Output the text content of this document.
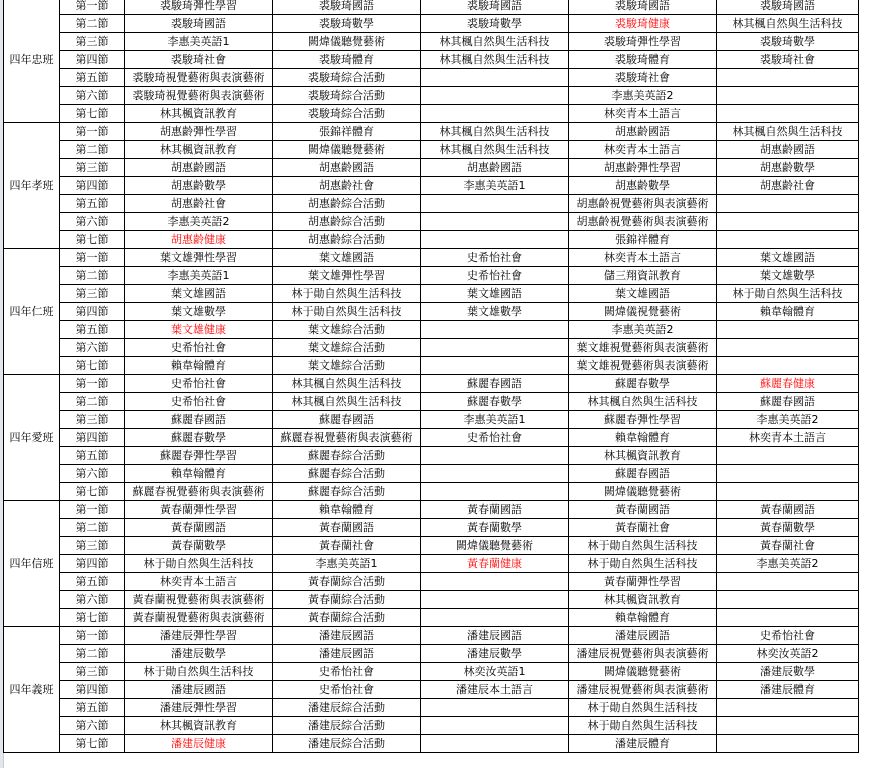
四年忠班	第一節	裘駿琦彈性學習	裘駿琦國語	裘駿琦國語	裘駿琦國語	裘駿琦國語
	第二節	裘駿琦國語	裘駿琦數學	裘駿琦數學	裘駿琦健康	林其楓自然與生活科技
	第三節	李惠美英語1	闕煒儀聽覺藝術	林其楓自然與生活科技	裘駿琦彈性學習	裘駿琦數學
	第四節	裘駿琦社會	裘駿琦體育	林其楓自然與生活科技	裘駿琦體育	裘駿琦社會
	第五節	裘駿琦視覺藝術與表演藝術	裘駿琦綜合活動		裘駿琦社會	
	第六節	裘駿琦視覺藝術與表演藝術	裘駿琦綜合活動		李惠美英語2	
	第七節	林其楓資訊教育	裘駿琦綜合活動		林奕青本土語言	
四年孝班	第一節	胡惠齡彈性學習	張錦祥體育	林其楓自然與生活科技	胡惠齡國語	林其楓自然與生活科技
	第二節	林其楓資訊教育	闕煒儀聽覺藝術	林其楓自然與生活科技	林奕青本土語言	胡惠齡國語
	第三節	胡惠齡國語	胡惠齡國語	胡惠齡國語	胡惠齡彈性學習	胡惠齡數學
	第四節	胡惠齡數學	胡惠齡社會	李惠美英語1	胡惠齡數學	胡惠齡社會
	第五節	胡惠齡社會	胡惠齡綜合活動		胡惠齡視覺藝術與表演藝術	
	第六節	李惠美英語2	胡惠齡綜合活動		胡惠齡視覺藝術與表演藝術	
	第七節	胡惠齡健康	胡惠齡綜合活動		張錦祥體育	
四年仁班	第一節	葉文雄彈性學習	葉文雄國語	史希怡社會	林奕青本土語言	葉文雄國語
	第二節	李惠美英語1	葉文雄彈性學習	史希怡社會	儲三翔資訊教育	葉文雄數學
	第三節	葉文雄國語	林于勛自然與生活科技	葉文雄國語	葉文雄國語	林于勛自然與生活科技
	第四節	葉文雄數學	林于勛自然與生活科技	葉文雄數學	闕煒儀視覺藝術	賴韋翰體育
	第五節	葉文雄健康	葉文雄綜合活動		李惠美英語2	
	第六節	史希怡社會	葉文雄綜合活動		葉文雄視覺藝術與表演藝術	
	第七節	賴韋翰體育	葉文雄綜合活動		葉文雄視覺藝術與表演藝術	
四年愛班	第一節	史希怡社會	林其楓自然與生活科技	蘇麗春國語	蘇麗春數學	蘇麗春健康
	第二節	史希怡社會	林其楓自然與生活科技	蘇麗春數學	林其楓自然與生活科技	蘇麗春國語
	第三節	蘇麗春國語	蘇麗春國語	李惠美英語1	蘇麗春彈性學習	李惠美英語2
	第四節	蘇麗春數學	蘇麗春視覺藝術與表演藝術	史希怡社會	賴韋翰體育	林奕青本土語言
	第五節	蘇麗春彈性學習	蘇麗春綜合活動		林其楓資訊教育	
	第六節	賴韋翰體育	蘇麗春綜合活動		蘇麗春國語	
	第七節	蘇麗春視覺藝術與表演藝術	蘇麗春綜合活動		闕煒儀聽覺藝術	
四年信班	第一節	黃春蘭彈性學習	賴韋翰體育	黃春蘭國語	黃春蘭國語	黃春蘭國語
	第二節	黃春蘭國語	黃春蘭國語	黃春蘭數學	黃春蘭社會	黃春蘭數學
	第三節	黃春蘭數學	黃春蘭社會	闕煒儀聽覺藝術	林于勛自然與生活科技	黃春蘭社會
	第四節	林于勛自然與生活科技	李惠美英語1	黃春蘭健康	林于勛自然與生活科技	李惠美英語2
	第五節	林奕青本土語言	黃春蘭綜合活動		黃春蘭彈性學習	
	第六節	黃春蘭視覺藝術與表演藝術	黃春蘭綜合活動		林其楓資訊教育	
	第七節	黃春蘭視覺藝術與表演藝術	黃春蘭綜合活動		賴韋翰體育	
四年義班	第一節	潘建辰彈性學習	潘建辰國語	潘建辰國語	潘建辰國語	史希怡社會
	第二節	潘建辰數學	潘建辰國語	潘建辰數學	潘建辰視覺藝術與表演藝術	林奕汝英語2
	第三節	林于勛自然與生活科技	史希怡社會	林奕汝英語1	闕煒儀聽覺藝術	潘建辰數學
	第四節	潘建辰國語	史希怡社會	潘建辰本土語言	潘建辰視覺藝術與表演藝術	潘建辰體育
	第五節	潘建辰彈性學習	潘建辰綜合活動		林于勛自然與生活科技	
	第六節	林其楓資訊教育	潘建辰綜合活動		林于勛自然與生活科技	
	第七節	潘建辰健康	潘建辰綜合活動		潘建辰體育	
